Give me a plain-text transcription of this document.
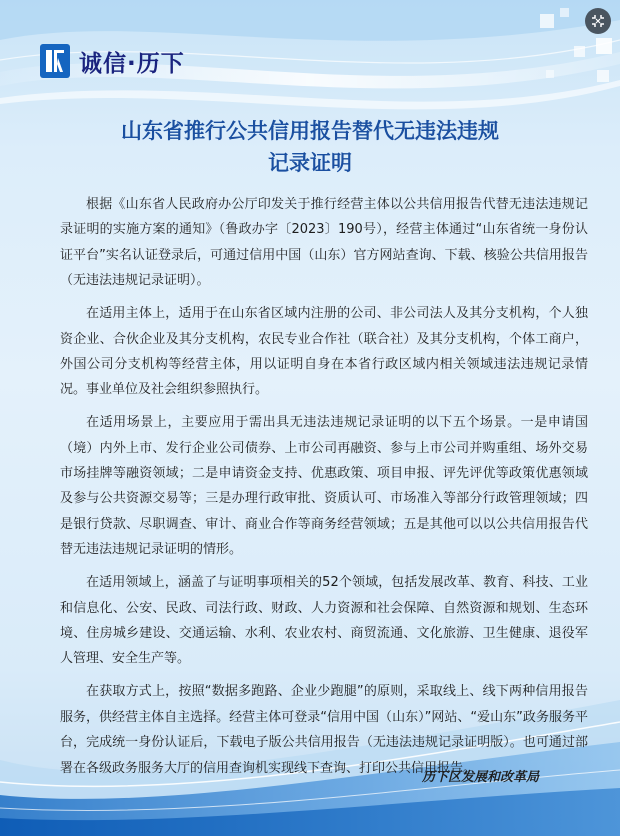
诚信·历下
山东省推行公共信用报告替代无违法违规
记录证明

根据《山东省人民政府办公厅印发关于推行经营主体以公共信用报告代替无违法违规记录证明的实施方案的通知》（鲁政办字〔2023〕190号），经营主体通过“山东省统一身份认证平台”实名认证登录后，可通过信用中国（山东）官方网站查询、下载、核验公共信用报告（无违法违规记录证明）。

在适用主体上，适用于在山东省区域内注册的公司、非公司法人及其分支机构，个人独资企业、合伙企业及其分支机构，农民专业合作社（联合社）及其分支机构，个体工商户，外国公司分支机构等经营主体，用以证明自身在本省行政区域内相关领域违法违规记录情况。事业单位及社会组织参照执行。

在适用场景上，主要应用于需出具无违法违规记录证明的以下五个场景。一是申请国（境）内外上市、发行企业公司债券、上市公司再融资、参与上市公司并购重组、场外交易市场挂牌等融资领域；二是申请资金支持、优惠政策、项目申报、评先评优等政策优惠领域及参与公共资源交易等；三是办理行政审批、资质认可、市场准入等部分行政管理领域；四是银行贷款、尽职调查、审计、商业合作等商务经营领域；五是其他可以以公共信用报告代替无违法违规记录证明的情形。

在适用领域上，涵盖了与证明事项相关的52个领域，包括发展改革、教育、科技、工业和信息化、公安、民政、司法行政、财政、人力资源和社会保障、自然资源和规划、生态环境、住房城乡建设、交通运输、水利、农业农村、商贸流通、文化旅游、卫生健康、退役军人管理、安全生产等。

在获取方式上，按照“数据多跑路、企业少跑腿”的原则，采取线上、线下两种信用报告服务，供经营主体自主选择。经营主体可登录“信用中国（山东）”网站、“爱山东”政务服务平台，完成统一身份认证后，下载电子版公共信用报告（无违法违规记录证明版）。也可通过部署在各级政务服务大厅的信用查询机实现线下查询、打印公共信用报告。

历下区发展和改革局
